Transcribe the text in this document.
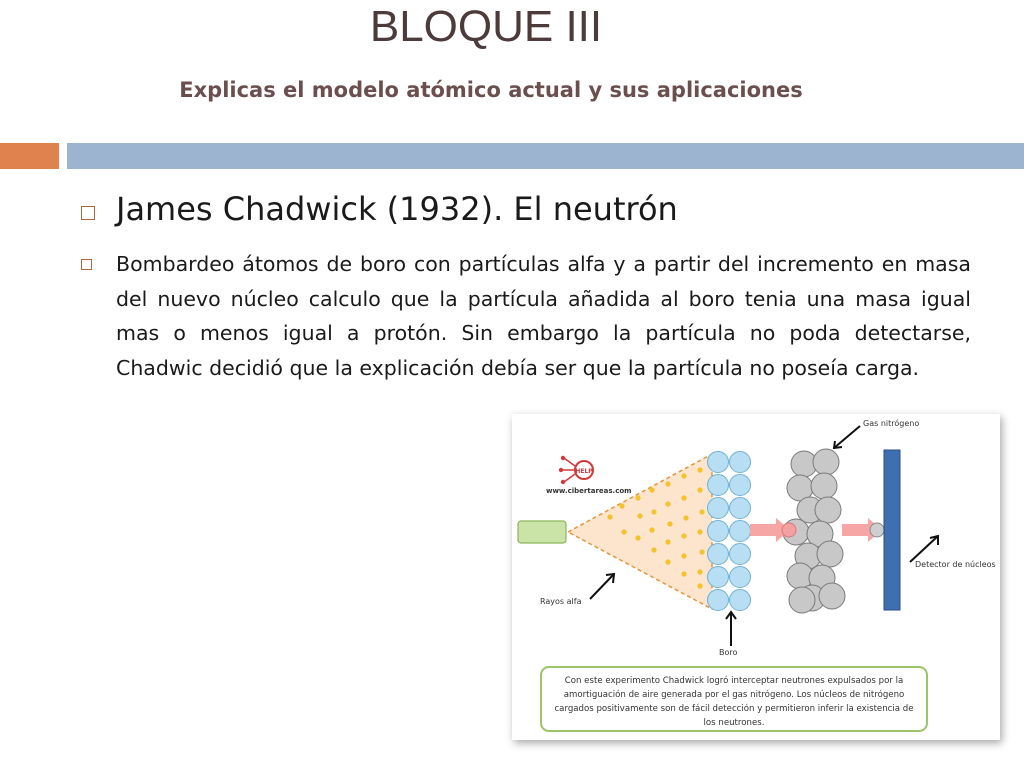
BLOQUE III
Explicas el modelo atómico actual y sus aplicaciones
James Chadwick (1932). El neutrón
Bombardeo átomos de boro con partículas alfa y a partir del incremento en masa del nuevo núcleo calculo que la partícula añadida al boro tenia una masa igual mas o menos igual a protón. Sin embargo la partícula no poda detectarse, Chadwic decidió que la explicación debía ser que la partícula no poseía carga.
HELP
www.cibertareas.com
Gas nitrógeno
Detector de núcleos
Rayos alfa
Boro
Con este experimento Chadwick logró interceptar neutrones expulsados por la amortiguación de aire generada por el gas nitrógeno. Los núcleos de nitrógeno cargados positivamente son de fácil detección y permitieron inferir la existencia de los neutrones.
